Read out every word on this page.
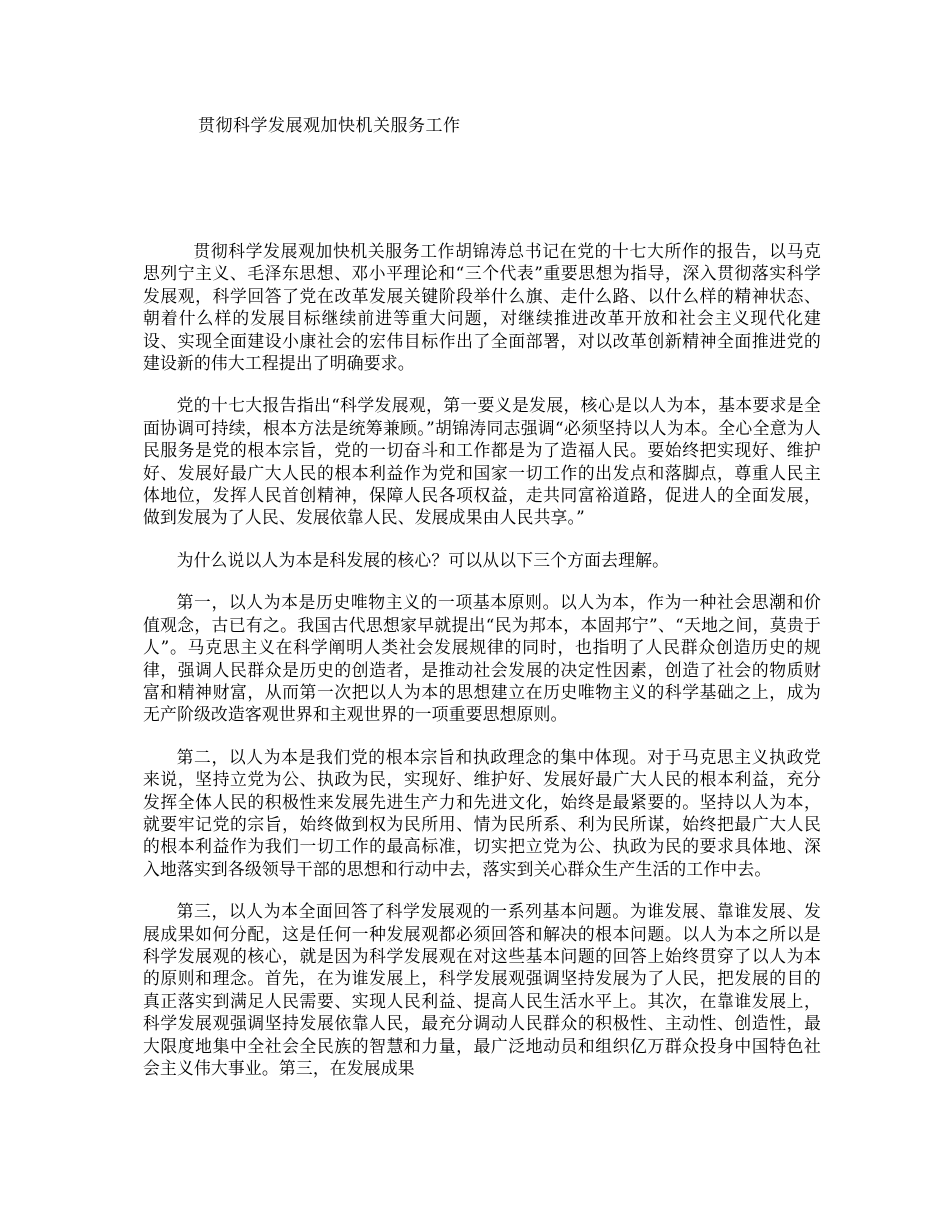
贯彻科学发展观加快机关服务工作

贯彻科学发展观加快机关服务工作胡锦涛总书记在党的十七大所作的报告，以马克思列宁主义、毛泽东思想、邓小平理论和“三个代表”重要思想为指导，深入贯彻落实科学发展观，科学回答了党在改革发展关键阶段举什么旗、走什么路、以什么样的精神状态、朝着什么样的发展目标继续前进等重大问题，对继续推进改革开放和社会主义现代化建设、实现全面建设小康社会的宏伟目标作出了全面部署，对以改革创新精神全面推进党的建设新的伟大工程提出了明确要求。

党的十七大报告指出“科学发展观，第一要义是发展，核心是以人为本，基本要求是全面协调可持续，根本方法是统筹兼顾。”胡锦涛同志强调“必须坚持以人为本。全心全意为人民服务是党的根本宗旨，党的一切奋斗和工作都是为了造福人民。要始终把实现好、维护好、发展好最广大人民的根本利益作为党和国家一切工作的出发点和落脚点，尊重人民主体地位，发挥人民首创精神，保障人民各项权益，走共同富裕道路，促进人的全面发展，做到发展为了人民、发展依靠人民、发展成果由人民共享。”

为什么说以人为本是科发展的核心？可以从以下三个方面去理解。

第一，以人为本是历史唯物主义的一项基本原则。以人为本，作为一种社会思潮和价值观念，古已有之。我国古代思想家早就提出“民为邦本，本固邦宁”、“天地之间，莫贵于人”。马克思主义在科学阐明人类社会发展规律的同时，也指明了人民群众创造历史的规律，强调人民群众是历史的创造者，是推动社会发展的决定性因素，创造了社会的物质财富和精神财富，从而第一次把以人为本的思想建立在历史唯物主义的科学基础之上，成为无产阶级改造客观世界和主观世界的一项重要思想原则。

第二，以人为本是我们党的根本宗旨和执政理念的集中体现。对于马克思主义执政党来说，坚持立党为公、执政为民，实现好、维护好、发展好最广大人民的根本利益，充分发挥全体人民的积极性来发展先进生产力和先进文化，始终是最紧要的。坚持以人为本，就要牢记党的宗旨，始终做到权为民所用、情为民所系、利为民所谋，始终把最广大人民的根本利益作为我们一切工作的最高标准，切实把立党为公、执政为民的要求具体地、深入地落实到各级领导干部的思想和行动中去，落实到关心群众生产生活的工作中去。

第三，以人为本全面回答了科学发展观的一系列基本问题。为谁发展、靠谁发展、发展成果如何分配，这是任何一种发展观都必须回答和解决的根本问题。以人为本之所以是科学发展观的核心，就是因为科学发展观在对这些基本问题的回答上始终贯穿了以人为本的原则和理念。首先，在为谁发展上，科学发展观强调坚持发展为了人民，把发展的目的真正落实到满足人民需要、实现人民利益、提高人民生活水平上。其次，在靠谁发展上，科学发展观强调坚持发展依靠人民，最充分调动人民群众的积极性、主动性、创造性，最大限度地集中全社会全民族的智慧和力量，最广泛地动员和组织亿万群众投身中国特色社会主义伟大事业。第三，在发展成果
